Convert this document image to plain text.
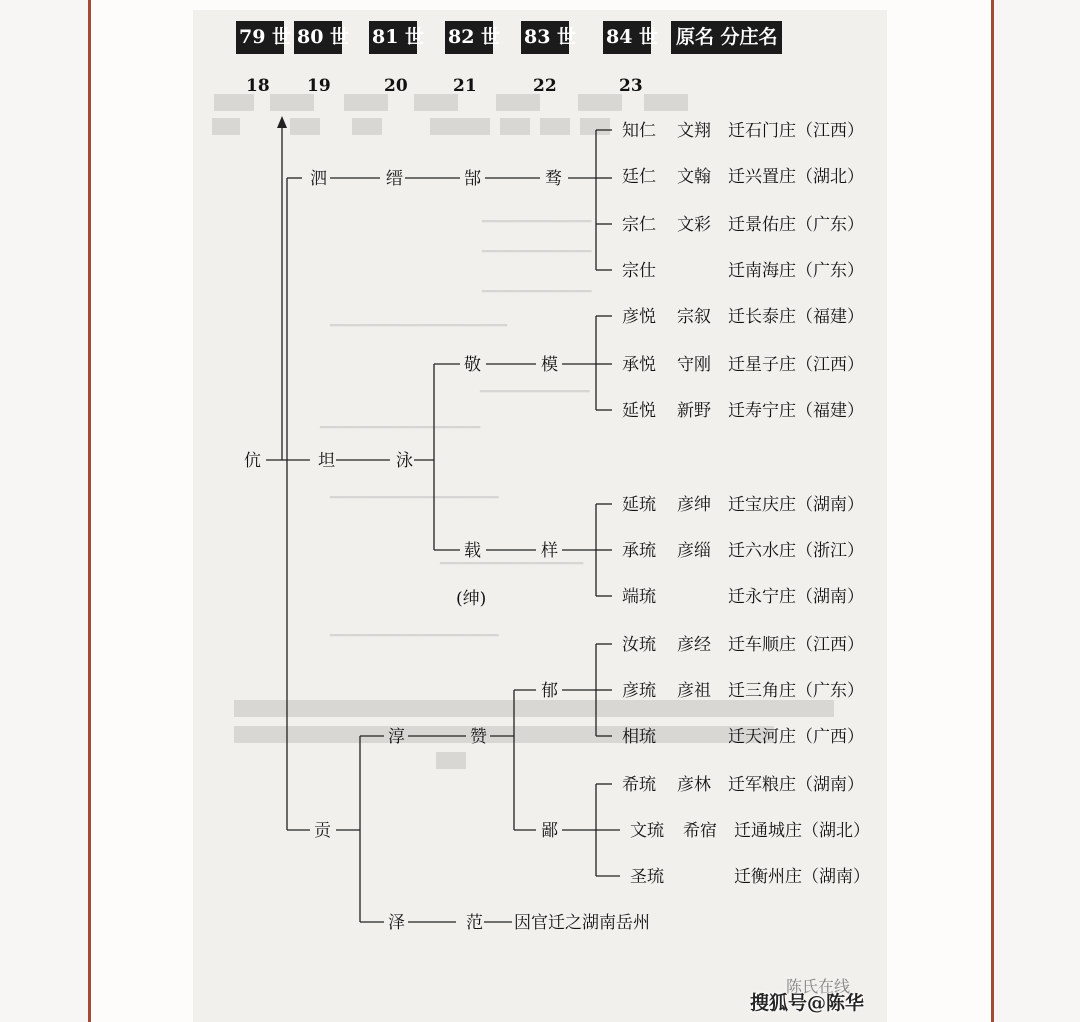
━━━━━━━━━━━━━
━━━━━━━━━━━━━
━━━━━━━━━━━━━
━━━━━━━━━━━━━━━━━━━━━
━━━━━━━━━━━━━
━━━━━━━━━━━━━━━━━━━
━━━━━━━━━━━━━━━━━━━━
━━━━━━━━━━━━━━━━━
━━━━━━━━━━━━━━━━━━━━
79 世 80 世 81 世 82 世 83 世 84 世 原名 分庄名
18 19	20	21	22	23
伉
泗
坦
贡
缙
泳
淳
泽
郜
敬
载
(绅)
赞
范
骛
模
样
郁
鄙
因官迁之湖南岳州
知仁 文翔 迁石门庄（江西）
廷仁 文翰 迁兴置庄（湖北）
宗仁 文彩 迁景佑庄（广东）
宗仕	迁南海庄（广东）
彦悦 宗叙 迁长泰庄（福建）
承悦 守刚 迁星子庄（江西）
延悦 新野 迁寿宁庄（福建）
延琉 彦绅 迁宝庆庄（湖南）
承琉 彦缁 迁六水庄（浙江）
端琉	迁永宁庄（湖南）
汝琉 彦经 迁车顺庄（江西）
彦琉 彦祖 迁三角庄（广东）
相琉	迁天河庄（广西）
希琉 彦林 迁军粮庄（湖南）
文琉 希宿 迁通城庄（湖北）
圣琉	迁衡州庄（湖南）
陈氏在线
搜狐号@陈华
